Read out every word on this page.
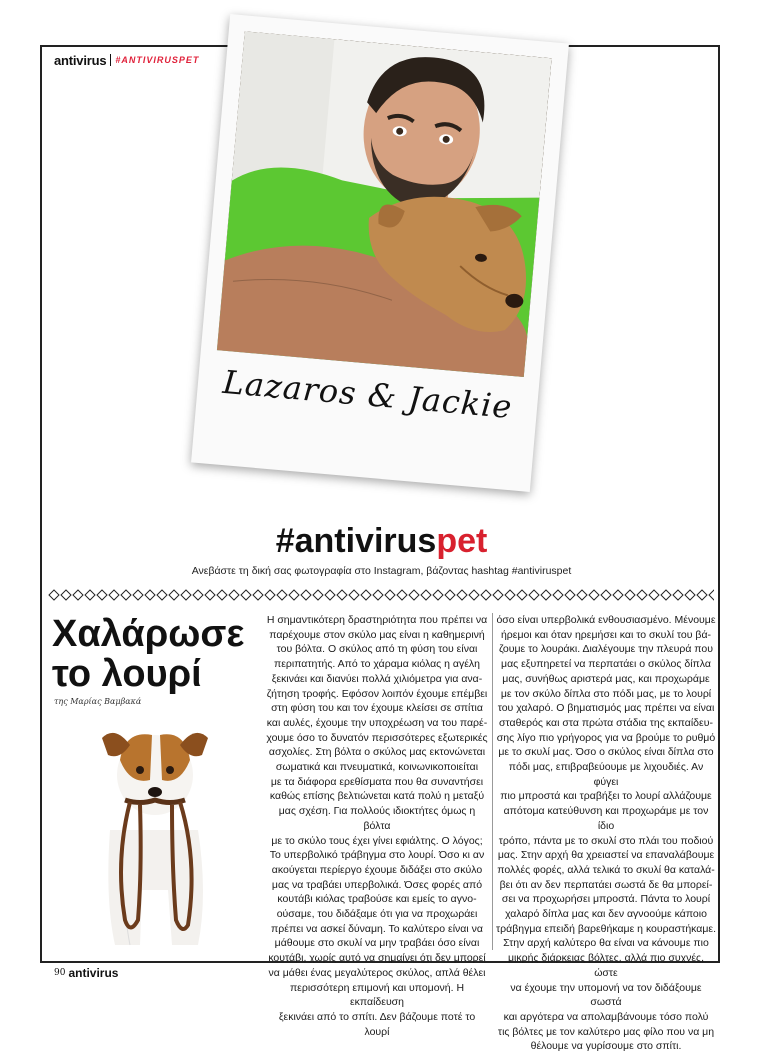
antivirus #ANTIVIRUSPET
Lazaros & Jackie
#antiviruspet
Ανεβάστε τη δική σας φωτογραφία στο Instagram, βάζοντας hashtag #antiviruspet
Χαλάρωσε
το λουρί
της Μαρίας Βαμβακά
Η σημαντικότερη δραστηριότητα που πρέπει να
παρέχουμε στον σκύλο μας είναι η καθημερινή
του βόλτα. Ο σκύλος από τη φύση του είναι
περιπατητής. Από το χάραμα κιόλας η αγέλη
ξεκινάει και διανύει πολλά χιλιόμετρα για ανα-
ζήτηση τροφής. Εφόσον λοιπόν έχουμε επέμβει
στη φύση του και τον έχουμε κλείσει σε σπίτια
και αυλές, έχουμε την υποχρέωση να του παρέ-
χουμε όσο το δυνατόν περισσότερες εξωτερικές
ασχολίες. Στη βόλτα ο σκύλος μας εκτονώνεται
σωματικά και πνευματικά, κοινωνικοποιείται
με τα διάφορα ερεθίσματα που θα συναντήσει
καθώς επίσης βελτιώνεται κατά πολύ η μεταξύ
μας σχέση. Για πολλούς ιδιοκτήτες όμως η βόλτα
με το σκύλο τους έχει γίνει εφιάλτης. Ο λόγος;
Το υπερβολικό τράβηγμα στο λουρί. Όσο κι αν
ακούγεται περίεργο έχουμε διδάξει στο σκύλο
μας να τραβάει υπερβολικά. Όσες φορές από
κουτάβι κιόλας τραβούσε και εμείς το αγνο-
ούσαμε, του διδάξαμε ότι για να προχωράει
πρέπει να ασκεί δύναμη. Το καλύτερο είναι να
μάθουμε στο σκυλί να μην τραβάει όσο είναι
κουτάβι, χωρίς αυτό να σημαίνει ότι δεν μπορεί
να μάθει ένας μεγαλύτερος σκύλος, απλά θέλει
περισσότερη επιμονή και υπομονή. Η εκπαίδευση
ξεκινάει από το σπίτι. Δεν βάζουμε ποτέ το λουρί
όσο είναι υπερβολικά ενθουσιασμένο. Μένουμε
ήρεμοι και όταν ηρεμήσει και το σκυλί του βά-
ζουμε το λουράκι. Διαλέγουμε την πλευρά που
μας εξυπηρετεί να περπατάει ο σκύλος δίπλα
μας, συνήθως αριστερά μας, και προχωράμε
με τον σκύλο δίπλα στο πόδι μας, με το λουρί
του χαλαρό. Ο βηματισμός μας πρέπει να είναι
σταθερός και στα πρώτα στάδια της εκπαίδευ-
σης λίγο πιο γρήγορος για να βρούμε το ρυθμό
με το σκυλί μας. Όσο ο σκύλος είναι δίπλα στο
πόδι μας, επιβραβεύουμε με λιχουδιές. Αν φύγει
πιο μπροστά και τραβήξει το λουρί αλλάζουμε
απότομα κατεύθυνση και προχωράμε με τον ίδιο
τρόπο, πάντα με το σκυλί στο πλάι του ποδιού
μας. Στην αρχή θα χρειαστεί να επαναλάβουμε
πολλές φορές, αλλά τελικά το σκυλί θα καταλά-
βει ότι αν δεν περπατάει σωστά δε θα μπορεί-
σει να προχωρήσει μπροστά. Πάντα το λουρί
χαλαρό δίπλα μας και δεν αγνοούμε κάποιο
τράβηγμα επειδή βαρεθήκαμε η κουραστήκαμε.
Στην αρχή καλύτερο θα είναι να κάνουμε πιο
μικρής διάρκειας βόλτες, αλλά πιο συχνές, ώστε
να έχουμε την υπομονή να τον διδάξουμε σωστά
και αργότερα να απολαμβάνουμε τόσο πολύ
τις βόλτες με τον καλύτερο μας φίλο που να μη
θέλουμε να γυρίσουμε στο σπίτι.
90 antivirus
